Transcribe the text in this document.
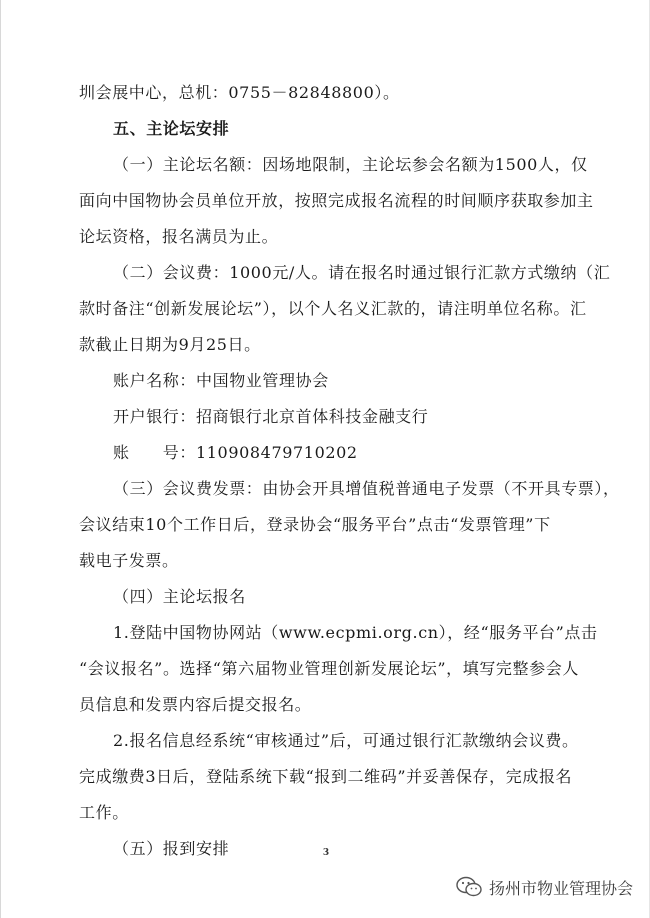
圳会展中心，总机：0755－82848800）。
五、主论坛安排
（一）主论坛名额：因场地限制，主论坛参会名额为1500人，仅
面向中国物协会员单位开放，按照完成报名流程的时间顺序获取参加主
论坛资格，报名满员为止。
（二）会议费：1000元/人。请在报名时通过银行汇款方式缴纳（汇
款时备注“创新发展论坛”），以个人名义汇款的，请注明单位名称。汇
款截止日期为9月25日。
账户名称：中国物业管理协会
开户银行：招商银行北京首体科技金融支行
账　　号：110908479710202
（三）会议费发票：由协会开具增值税普通电子发票（不开具专票），
会议结束10个工作日后，登录协会“服务平台”点击“发票管理”下
载电子发票。
（四）主论坛报名
1.登陆中国物协网站（www.ecpmi.org.cn），经“服务平台”点击
“会议报名”。选择“第六届物业管理创新发展论坛”，填写完整参会人
员信息和发票内容后提交报名。
2.报名信息经系统“审核通过”后，可通过银行汇款缴纳会议费。
完成缴费3日后，登陆系统下载“报到二维码”并妥善保存，完成报名
工作。
（五）报到安排	3
扬州市物业管理协会
